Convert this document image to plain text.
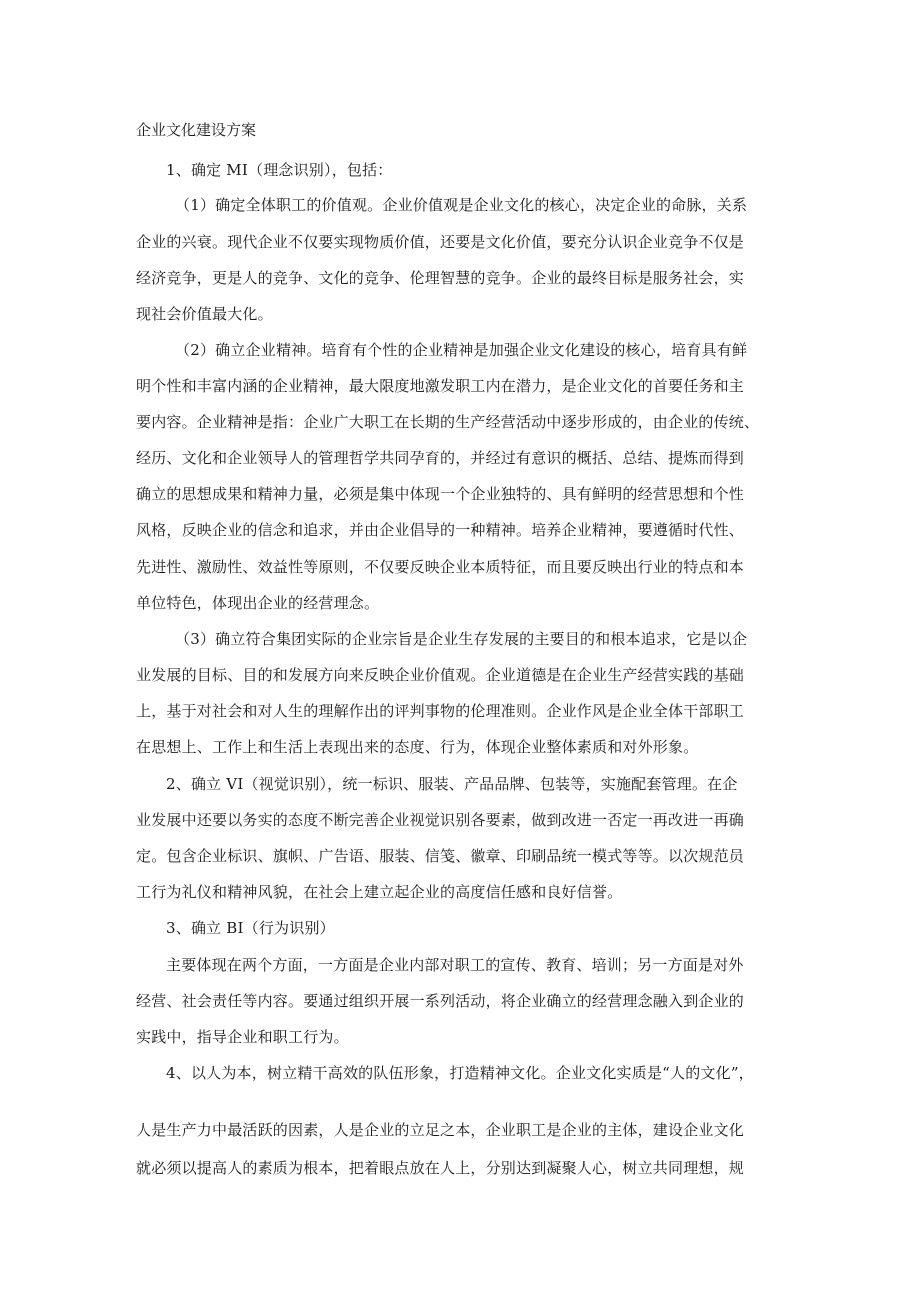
企业文化建设方案
1、确定 MI（理念识别），包括：
（1）确定全体职工的价值观。企业价值观是企业文化的核心，决定企业的命脉，关系
企业的兴衰。现代企业不仅要实现物质价值，还要是文化价值，要充分认识企业竞争不仅是
经济竞争，更是人的竞争、文化的竞争、伦理智慧的竞争。企业的最终目标是服务社会，实
现社会价值最大化。
（2）确立企业精神。培育有个性的企业精神是加强企业文化建设的核心，培育具有鲜
明个性和丰富内涵的企业精神，最大限度地激发职工内在潜力，是企业文化的首要任务和主
要内容。企业精神是指：企业广大职工在长期的生产经营活动中逐步形成的，由企业的传统、
经历、文化和企业领导人的管理哲学共同孕育的，并经过有意识的概括、总结、提炼而得到
确立的思想成果和精神力量，必须是集中体现一个企业独特的、具有鲜明的经营思想和个性
风格，反映企业的信念和追求，并由企业倡导的一种精神。培养企业精神，要遵循时代性、
先进性、激励性、效益性等原则，不仅要反映企业本质特征，而且要反映出行业的特点和本
单位特色，体现出企业的经营理念。
（3）确立符合集团实际的企业宗旨是企业生存发展的主要目的和根本追求，它是以企
业发展的目标、目的和发展方向来反映企业价值观。企业道德是在企业生产经营实践的基础
上，基于对社会和对人生的理解作出的评判事物的伦理准则。企业作风是企业全体干部职工
在思想上、工作上和生活上表现出来的态度、行为，体现企业整体素质和对外形象。
2、确立 VI（视觉识别），统一标识、服装、产品品牌、包装等，实施配套管理。在企
业发展中还要以务实的态度不断完善企业视觉识别各要素，做到改进一否定一再改进一再确
定。包含企业标识、旗帜、广告语、服装、信笺、徽章、印刷品统一模式等等。以次规范员
工行为礼仪和精神风貌，在社会上建立起企业的高度信任感和良好信誉。
3、确立 BI（行为识别）
主要体现在两个方面，一方面是企业内部对职工的宣传、教育、培训；另一方面是对外
经营、社会责任等内容。要通过组织开展一系列活动，将企业确立的经营理念融入到企业的
实践中，指导企业和职工行为。
4、以人为本，树立精干高效的队伍形象，打造精神文化。企业文化实质是“人的文化”，
人是生产力中最活跃的因素，人是企业的立足之本，企业职工是企业的主体，建设企业文化
就必须以提高人的素质为根本，把着眼点放在人上，分别达到凝聚人心，树立共同理想，规
